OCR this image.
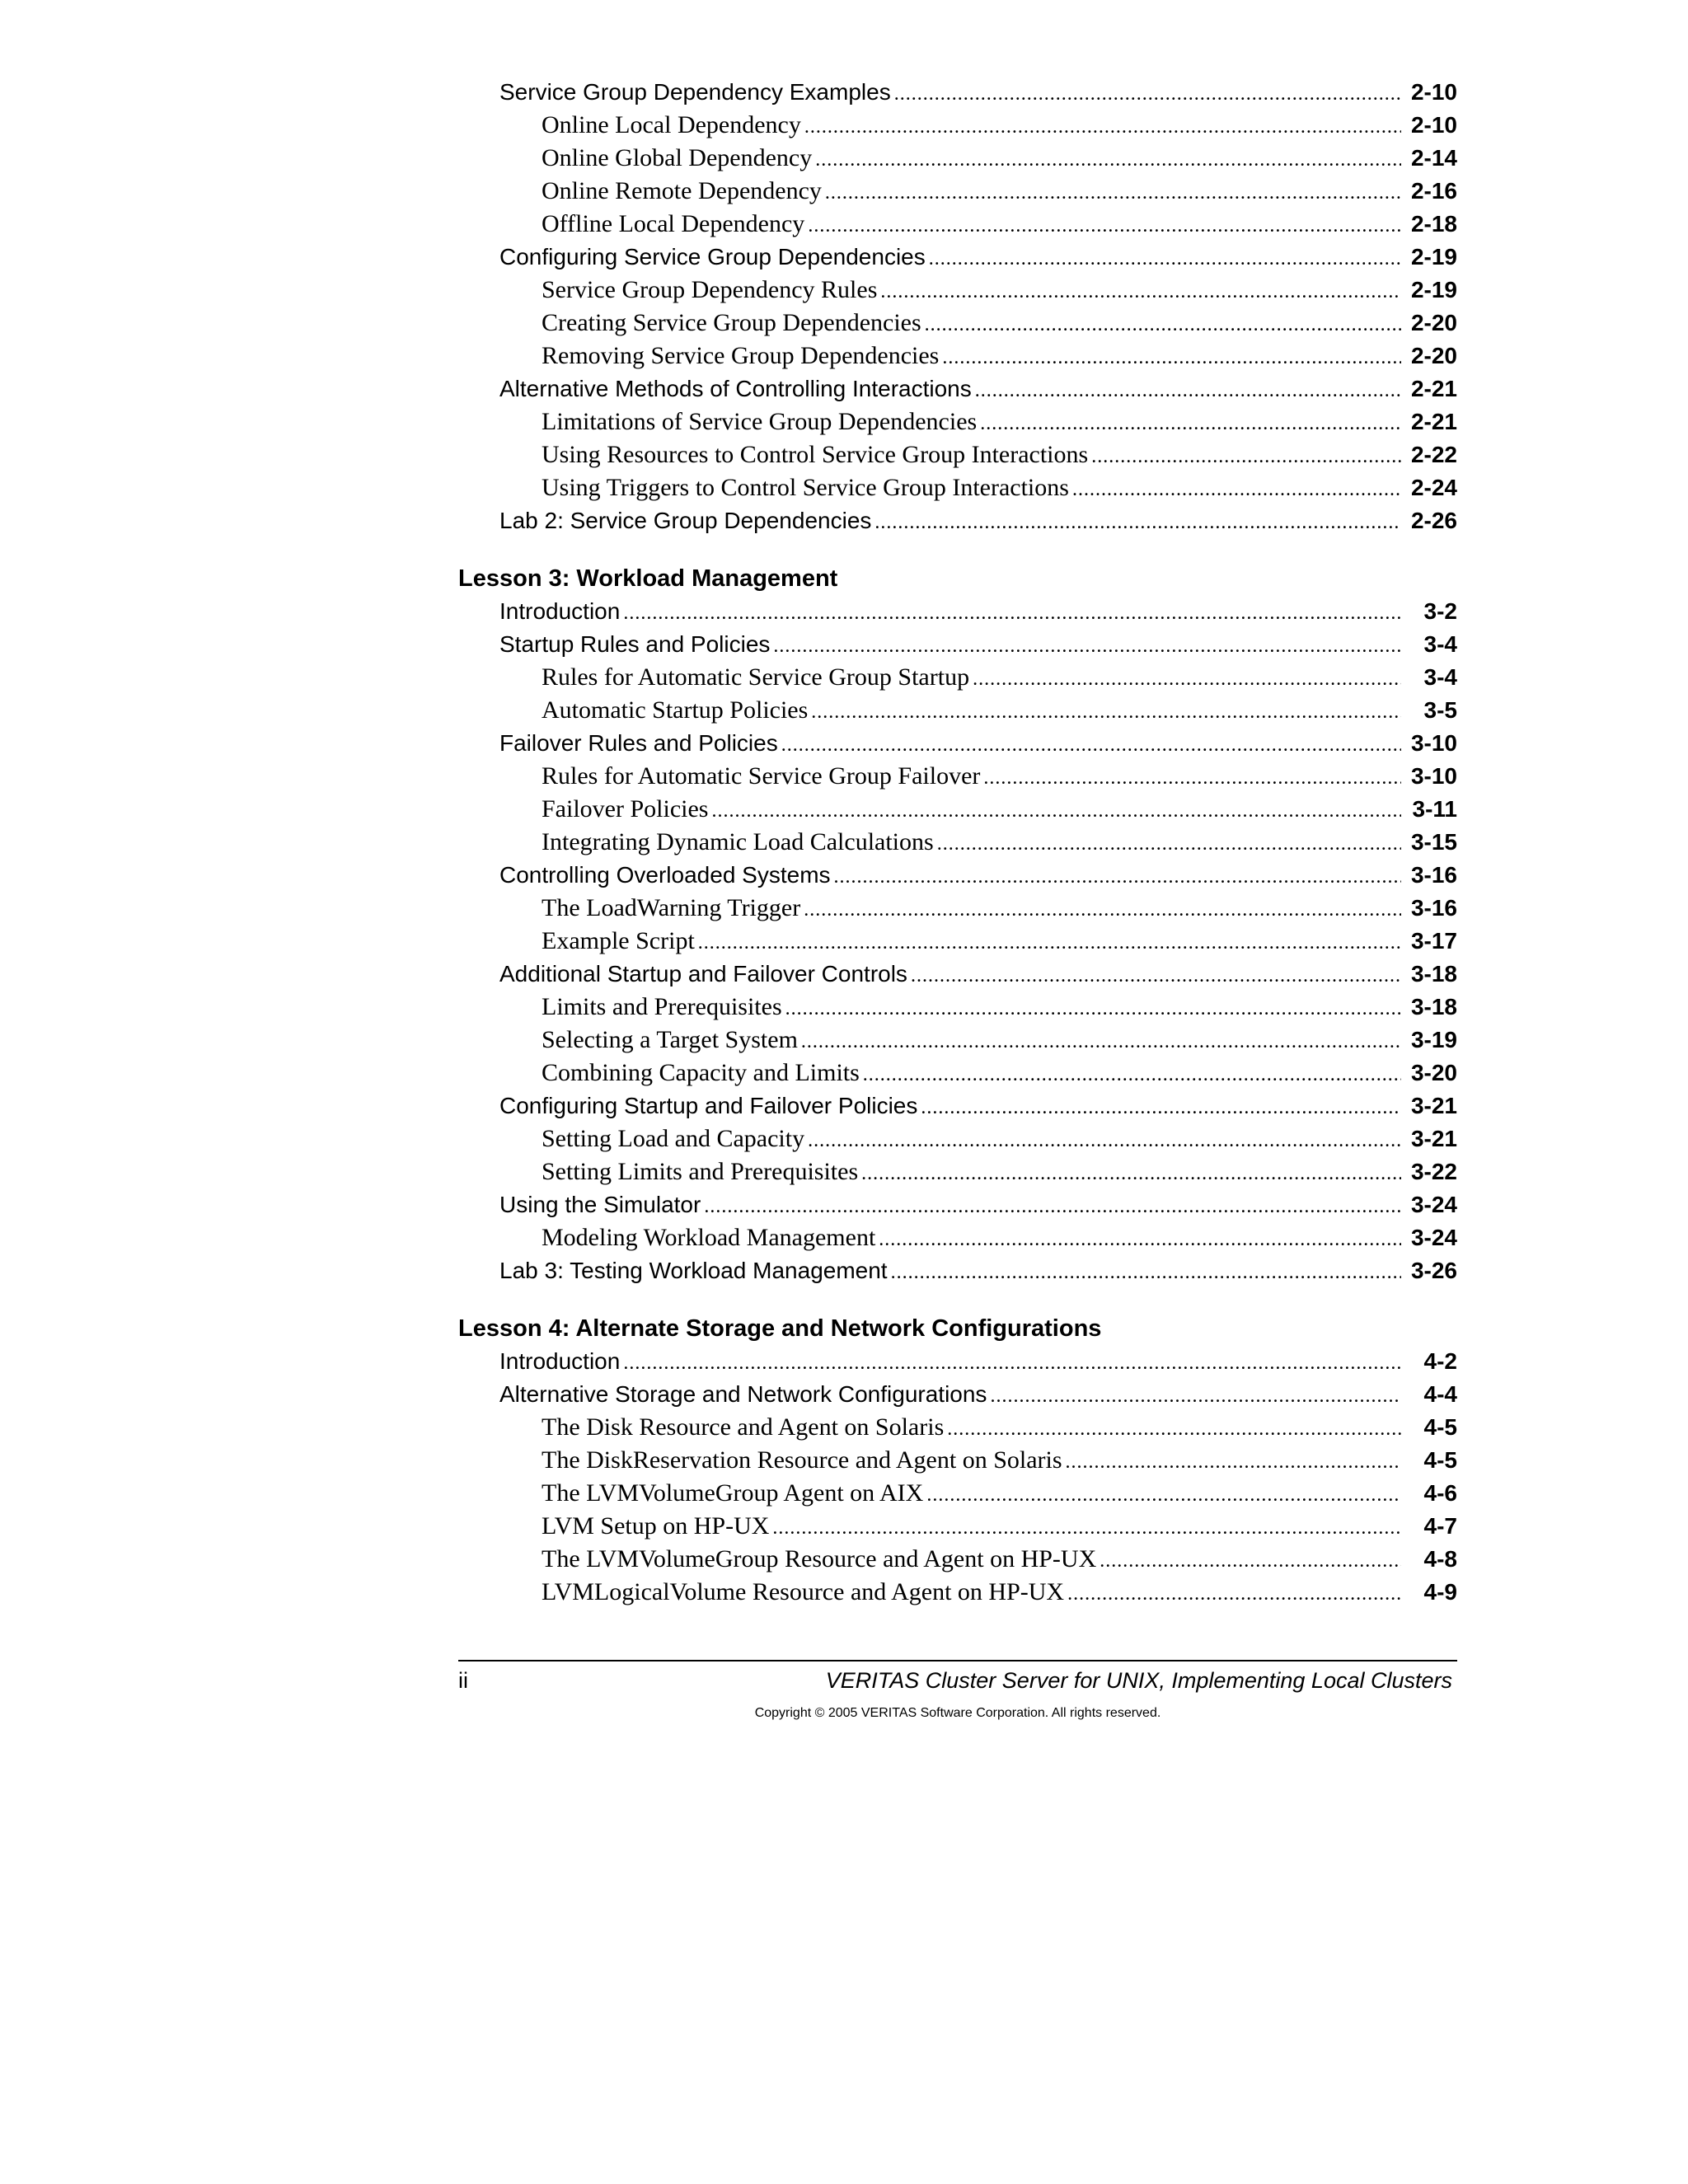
Service Group Dependency Examples .....	2-10
Online Local Dependency .....	2-10
Online Global Dependency .....	2-14
Online Remote Dependency .....	2-16
Offline Local Dependency .....	2-18
Configuring Service Group Dependencies .....	2-19
Service Group Dependency Rules .....	2-19
Creating Service Group Dependencies .....	2-20
Removing Service Group Dependencies .....	2-20
Alternative Methods of Controlling Interactions .....	2-21
Limitations of Service Group Dependencies .....	2-21
Using Resources to Control Service Group Interactions .....	2-22
Using Triggers to Control Service Group Interactions .....	2-24
Lab 2: Service Group Dependencies .....	2-26
Lesson 3: Workload Management
Introduction .....	3-2
Startup Rules and Policies .....	3-4
Rules for Automatic Service Group Startup .....	3-4
Automatic Startup Policies .....	3-5
Failover Rules and Policies .....	3-10
Rules for Automatic Service Group Failover .....	3-10
Failover Policies .....	3-11
Integrating Dynamic Load Calculations .....	3-15
Controlling Overloaded Systems .....	3-16
The LoadWarning Trigger .....	3-16
Example Script .....	3-17
Additional Startup and Failover Controls .....	3-18
Limits and Prerequisites .....	3-18
Selecting a Target System .....	3-19
Combining Capacity and Limits .....	3-20
Configuring Startup and Failover Policies .....	3-21
Setting Load and Capacity .....	3-21
Setting Limits and Prerequisites .....	3-22
Using the Simulator .....	3-24
Modeling Workload Management .....	3-24
Lab 3: Testing Workload Management .....	3-26
Lesson 4: Alternate Storage and Network Configurations
Introduction .....	4-2
Alternative Storage and Network Configurations .....	4-4
The Disk Resource and Agent on Solaris .....	4-5
The DiskReservation Resource and Agent on Solaris .....	4-5
The LVMVolumeGroup Agent on AIX .....	4-6
LVM Setup on HP-UX .....	4-7
The LVMVolumeGroup Resource and Agent on HP-UX .....	4-8
LVMLogicalVolume Resource and Agent on HP-UX .....	4-9
ii	VERITAS Cluster Server for UNIX, Implementing Local Clusters
Copyright © 2005 VERITAS Software Corporation. All rights reserved.
